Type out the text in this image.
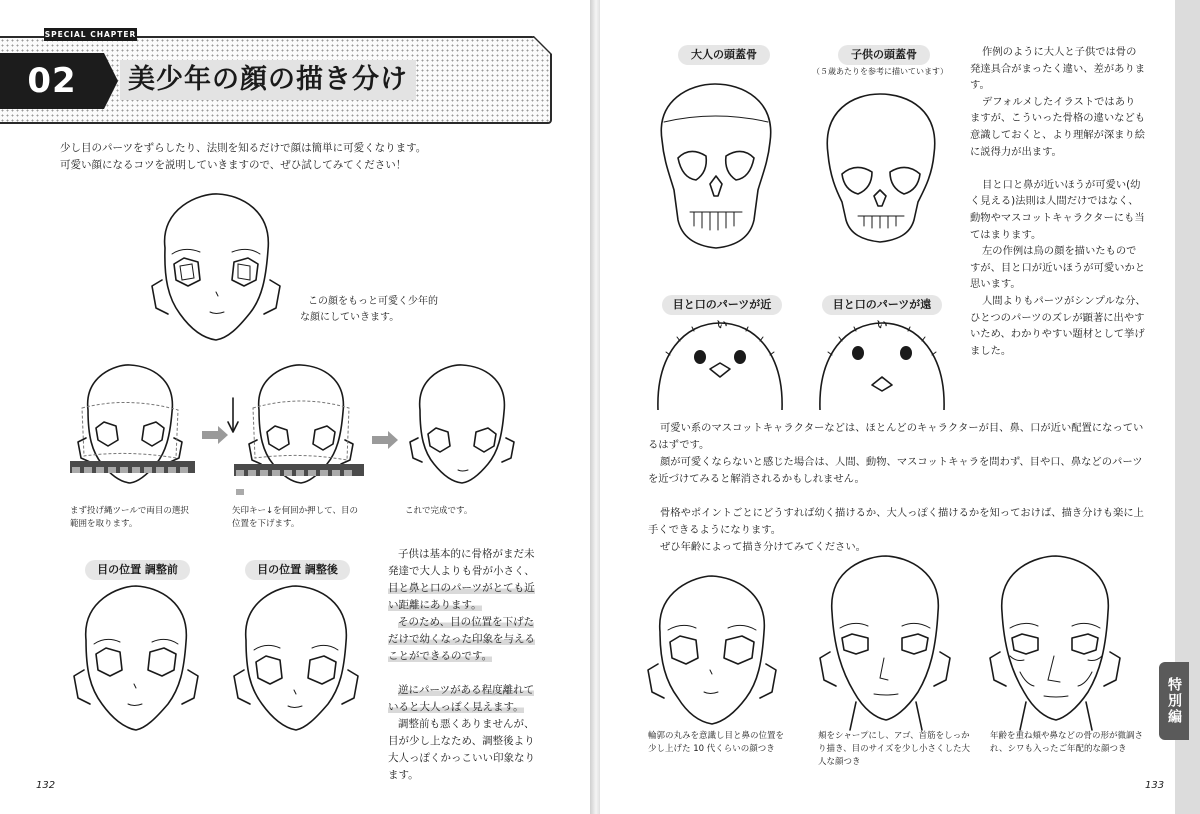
SPECIAL CHAPTER
02	美少年の顔の描き分け
少し目のパーツをずらしたり、法則を知るだけで顔は簡単に可愛くなります。
可愛い顔になるコツを説明していきますので、ぜひ試してみてください！
この顔をもっと可愛く少年的
な顔にしていきます。
まず投げ縄ツールで両目の選択
範囲を取ります。
矢印キー↓を何回か押して、目の
位置を下げます。
これで完成です。
目の位置 調整前	目の位置 調整後
子供は基本的に骨格がまだ未
発達で大人よりも骨が小さく、
目と鼻と口のパーツがとても近
い距離にあります。
そのため、目の位置を下げた
だけで幼くなった印象を与える
ことができるのです。
逆にパーツがある程度離れて
いると大人っぽく見えます。
調整前も悪くありませんが、
目が少し上なため、調整後より
大人っぽくかっこいい印象なり
ます。
132
大人の頭蓋骨	子供の頭蓋骨
（５歳あたりを参考に描いています）
目と口のパーツが近い
目と口のパーツが遠い
作例のように大人と子供では骨の
発達具合がまったく違い、差がありま
す。
デフォルメしたイラストではあり
ますが、こういった骨格の違いなども
意識しておくと、より理解が深まり絵
に説得力が出ます。
目と口と鼻が近いほうが可愛い(幼
く見える)法則は人間だけではなく、
動物やマスコットキャラクターにも当
てはまります。
左の作例は鳥の顔を描いたもので
すが、目と口が近いほうが可愛いかと
思います。
人間よりもパーツがシンプルな分、
ひとつのパーツのズレが顕著に出やす
いため、わかりやすい題材として挙げ
ました。
可愛い系のマスコットキャラクターなどは、ほとんどのキャラクターが目、鼻、口が近い配置になってい
るはずです。
顔が可愛くならないと感じた場合は、人間、動物、マスコットキャラを問わず、目や口、鼻などのパーツ
を近づけてみると解消されるかもしれません。
骨格やポイントごとにどうすれば幼く描けるか、大人っぽく描けるかを知っておけば、描き分けも楽に上
手くできるようになります。
ぜひ年齢によって描き分けてみてください。
輪郭の丸みを意識し目と鼻の位置を
少し上げた 10 代くらいの顔つき
頬をシャープにし、アゴ、首筋をしっか
り描き、目のサイズを少し小さくした大
人な顔つき
年齢を重ね頬や鼻などの骨の形が微調さ
れ、シワも入ったご年配的な顔つき
133
特別編
